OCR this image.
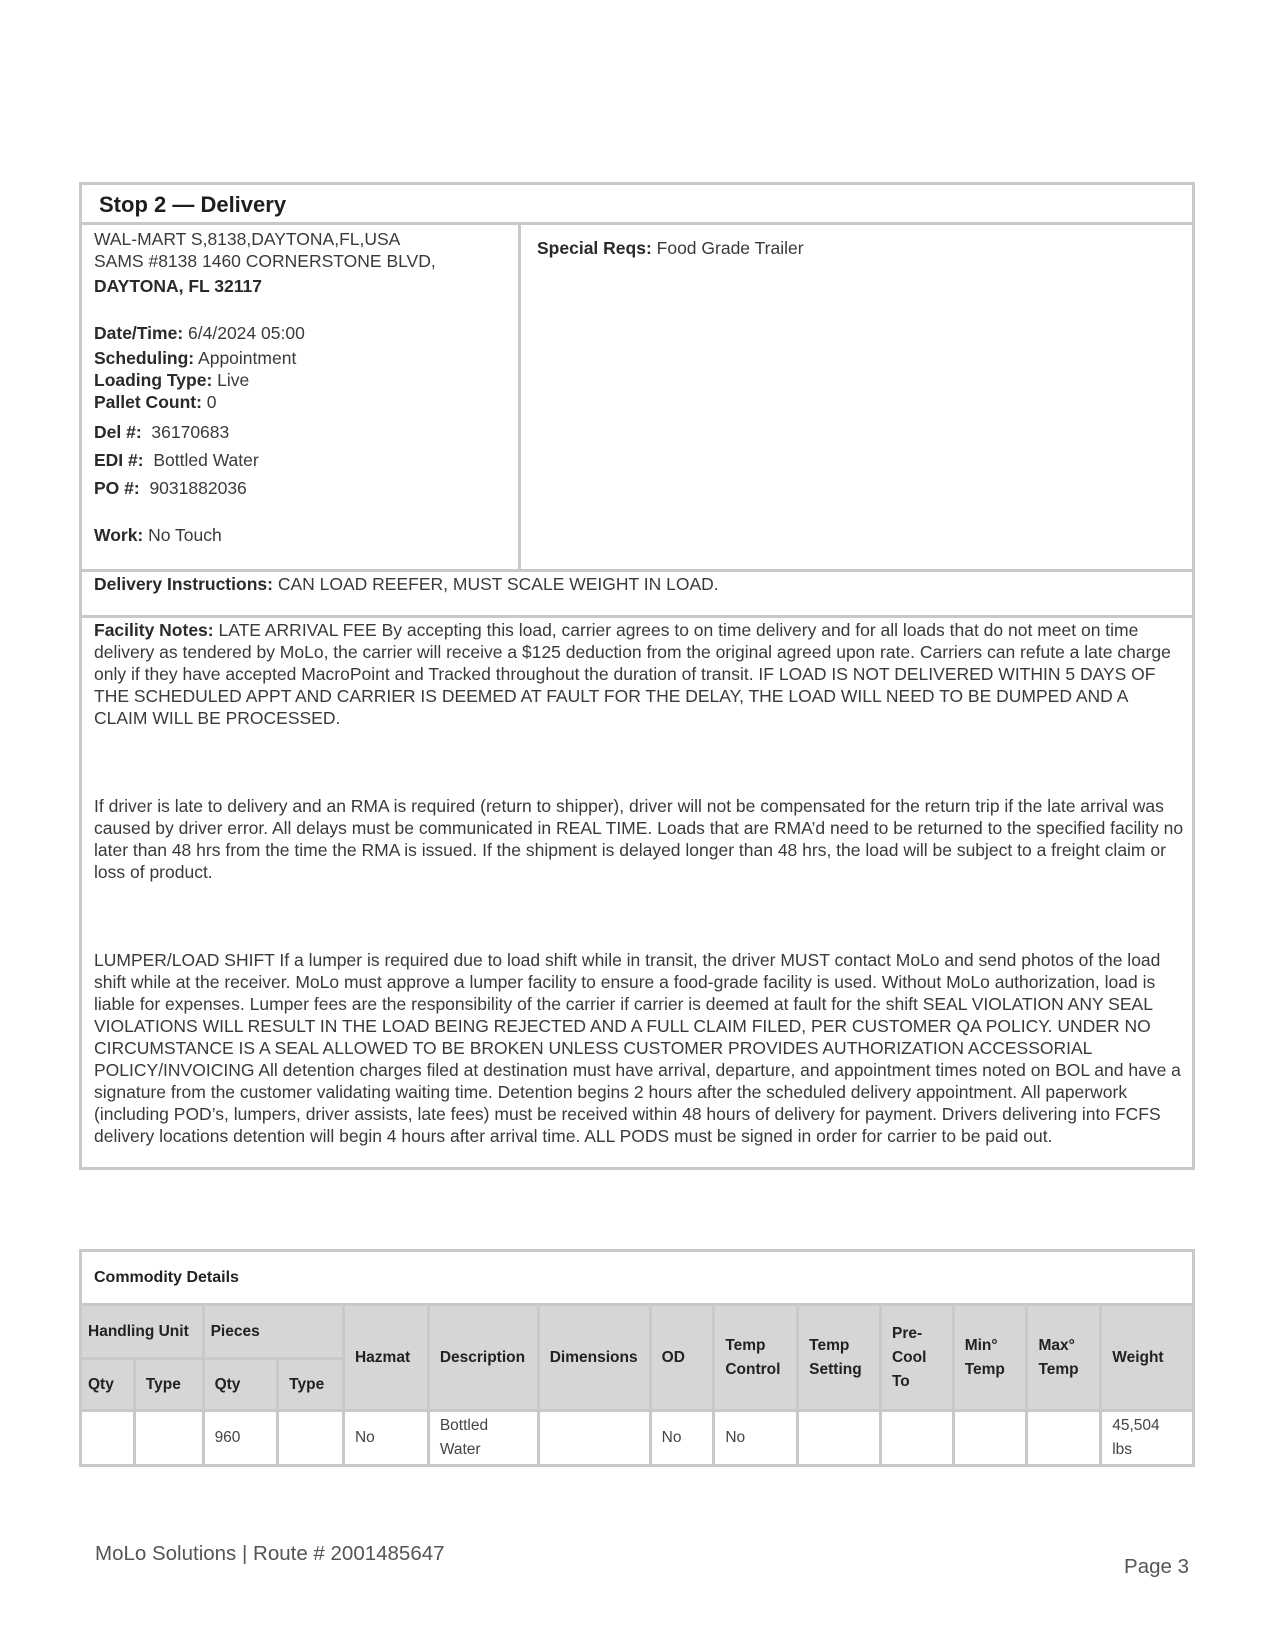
Stop 2 — Delivery
WAL-MART S,8138,DAYTONA,FL,USA
SAMS #8138 1460 CORNERSTONE BLVD,
DAYTONA, FL 32117
Date/Time: 6/4/2024 05:00
Scheduling: Appointment
Loading Type: Live
Pallet Count: 0
Del #: 36170683
EDI #: Bottled Water
PO #: 9031882036
Work: No Touch
Special Reqs: Food Grade Trailer
Delivery Instructions: CAN LOAD REEFER, MUST SCALE WEIGHT IN LOAD.

Facility Notes: LATE ARRIVAL FEE By accepting this load, carrier agrees to on time delivery and for all loads that do not meet on time delivery as tendered by MoLo, the carrier will receive a $125 deduction from the original agreed upon rate. Carriers can refute a late charge only if they have accepted MacroPoint and Tracked throughout the duration of transit. IF LOAD IS NOT DELIVERED WITHIN 5 DAYS OF THE SCHEDULED APPT AND CARRIER IS DEEMED AT FAULT FOR THE DELAY, THE LOAD WILL NEED TO BE DUMPED AND A CLAIM WILL BE PROCESSED.

If driver is late to delivery and an RMA is required (return to shipper), driver will not be compensated for the return trip if the late arrival was caused by driver error. All delays must be communicated in REAL TIME. Loads that are RMA’d need to be returned to the specified facility no later than 48 hrs from the time the RMA is issued. If the shipment is delayed longer than 48 hrs, the load will be subject to a freight claim or loss of product.

LUMPER/LOAD SHIFT If a lumper is required due to load shift while in transit, the driver MUST contact MoLo and send photos of the load shift while at the receiver. MoLo must approve a lumper facility to ensure a food-grade facility is used. Without MoLo authorization, load is liable for expenses. Lumper fees are the responsibility of the carrier if carrier is deemed at fault for the shift SEAL VIOLATION ANY SEAL VIOLATIONS WILL RESULT IN THE LOAD BEING REJECTED AND A FULL CLAIM FILED, PER CUSTOMER QA POLICY. UNDER NO CIRCUMSTANCE IS A SEAL ALLOWED TO BE BROKEN UNLESS CUSTOMER PROVIDES AUTHORIZATION ACCESSORIAL POLICY/INVOICING All detention charges filed at destination must have arrival, departure, and appointment times noted on BOL and have a signature from the customer validating waiting time. Detention begins 2 hours after the scheduled delivery appointment. All paperwork (including POD’s, lumpers, driver assists, late fees) must be received within 48 hours of delivery for payment. Drivers delivering into FCFS delivery locations detention will begin 4 hours after arrival time. ALL PODS must be signed in order for carrier to be paid out.

Commodity Details													
Handling Unit		Pieces		Hazmat	Description	Dimensions	OD	Temp Control	Temp Setting	Pre-Cool To	Min° Temp	Max° Temp	Weight
Qty	Type	Qty	Type										
		960		No	Bottled Water		No	No					45,504 lbs
MoLo Solutions | Route # 2001485647
Page 3
